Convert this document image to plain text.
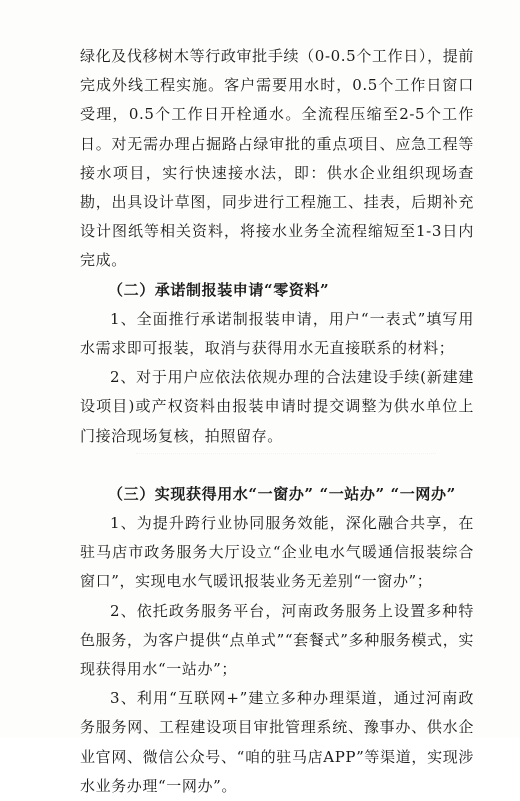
绿化及伐移树木等行政审批手续（0-0.5个工作日），提前完成外线工程实施。客户需要用水时，0.5个工作日窗口受理，0.5个工作日开栓通水。全流程压缩至2-5个工作日。对无需办理占掘路占绿审批的重点项目、应急工程等接水项目，实行快速接水法，即：供水企业组织现场查勘，出具设计草图，同步进行工程施工、挂表，后期补充设计图纸等相关资料，将接水业务全流程缩短至1-3日内完成。

（二）承诺制报装申请“零资料”

1、全面推行承诺制报装申请，用户“一表式”填写用水需求即可报装，取消与获得用水无直接联系的材料；

2、对于用户应依法依规办理的合法建设手续(新建建设项目)或产权资料由报装申请时提交调整为供水单位上门接洽现场复核，拍照留存。

（三）实现获得用水“一窗办” “一站办” “一网办”

1、为提升跨行业协同服务效能，深化融合共享，在驻马店市政务服务大厅设立“企业电水气暖通信报装综合窗口”，实现电水气暖讯报装业务无差别“一窗办”；

2、依托政务服务平台，河南政务服务上设置多种特色服务，为客户提供“点单式”“套餐式”多种服务模式，实现获得用水“一站办”；

3、利用“互联网+”建立多种办理渠道，通过河南政务服务网、工程建设项目审批管理系统、豫事办、供水企业官网、微信公众号、“咱的驻马店APP”等渠道，实现涉水业务办理“一网办”。
